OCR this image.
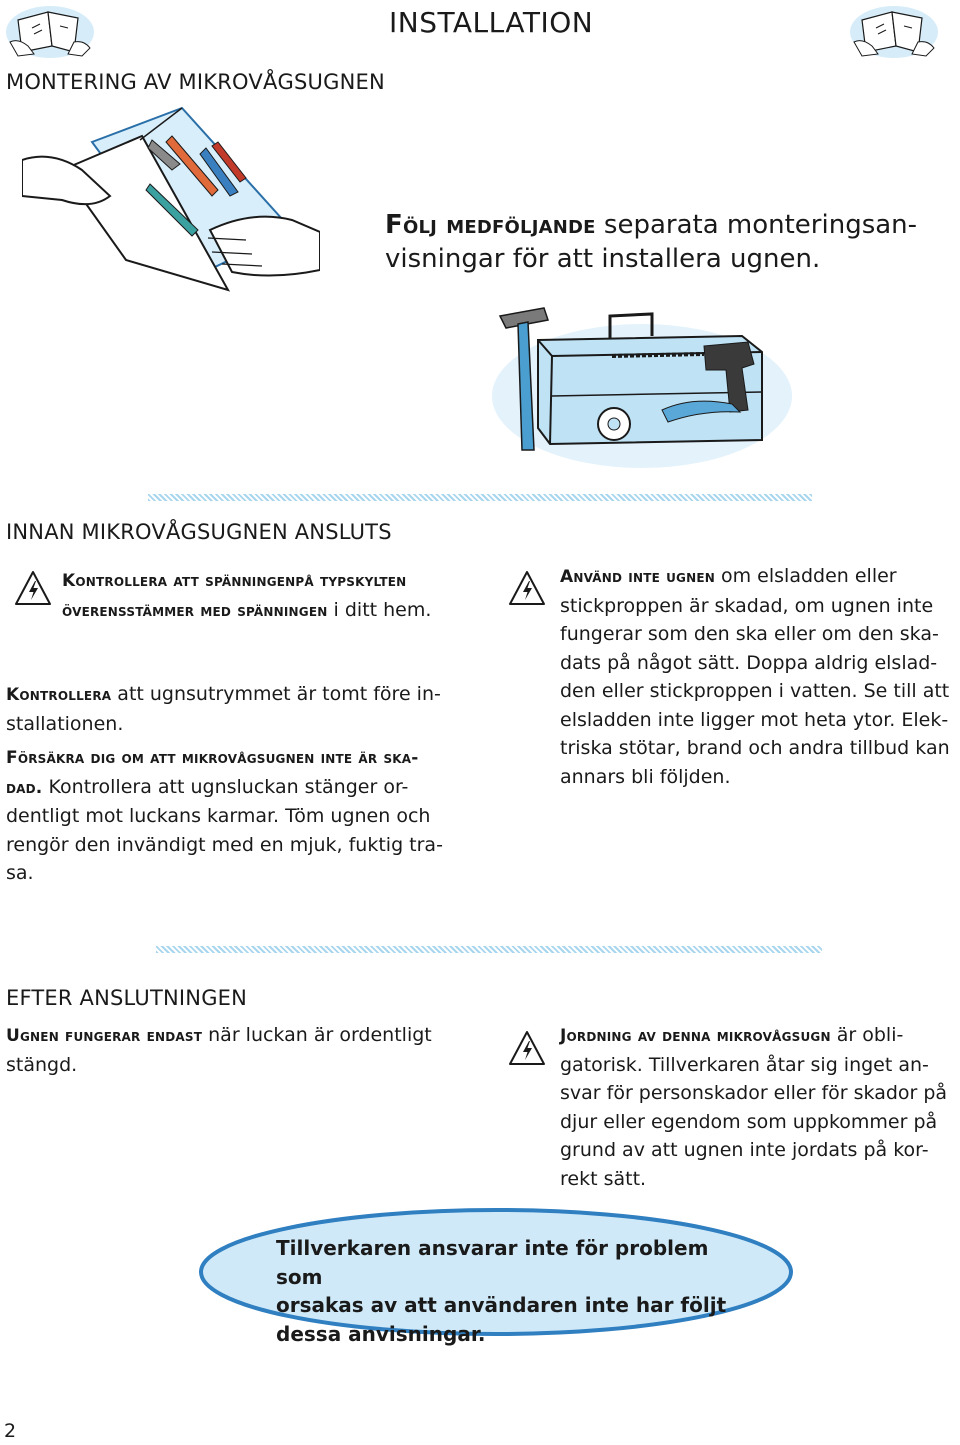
INSTALLATION
MONTERING AV MIKROVÅGSUGNEN
Följ medföljande separata monteringsan-
visningar för att installera ugnen.
INNAN MIKROVÅGSUGNEN ANSLUTS
Kontrollera att spänningenpå typskylten
överensstämmer med spänningen i ditt hem.
Kontrollera att ugnsutrymmet är tomt före in-
stallationen.
Försäkra dig om att mikrovågsugnen inte är ska-
dad. Kontrollera att ugnsluckan stänger or-
dentligt mot luckans karmar. Töm ugnen och
rengör den invändigt med en mjuk, fuktig tra-
sa.
Använd inte ugnen om elsladden eller
stickproppen är skadad, om ugnen inte
fungerar som den ska eller om den ska-
dats på något sätt. Doppa aldrig elslad-
den eller stickproppen i vatten. Se till att
elsladden inte ligger mot heta ytor. Elek-
triska stötar, brand och andra tillbud kan
annars bli följden.
EFTER ANSLUTNINGEN
Ugnen fungerar endast när luckan är ordentligt
stängd.
Jordning av denna mikrovågsugn är obli-
gatorisk. Tillverkaren åtar sig inget an-
svar för personskador eller för skador på
djur eller egendom som uppkommer på
grund av att ugnen inte jordats på kor-
rekt sätt.
Tillverkaren ansvarar inte för problem som
orsakas av att användaren inte har följt
dessa anvisningar.
2
